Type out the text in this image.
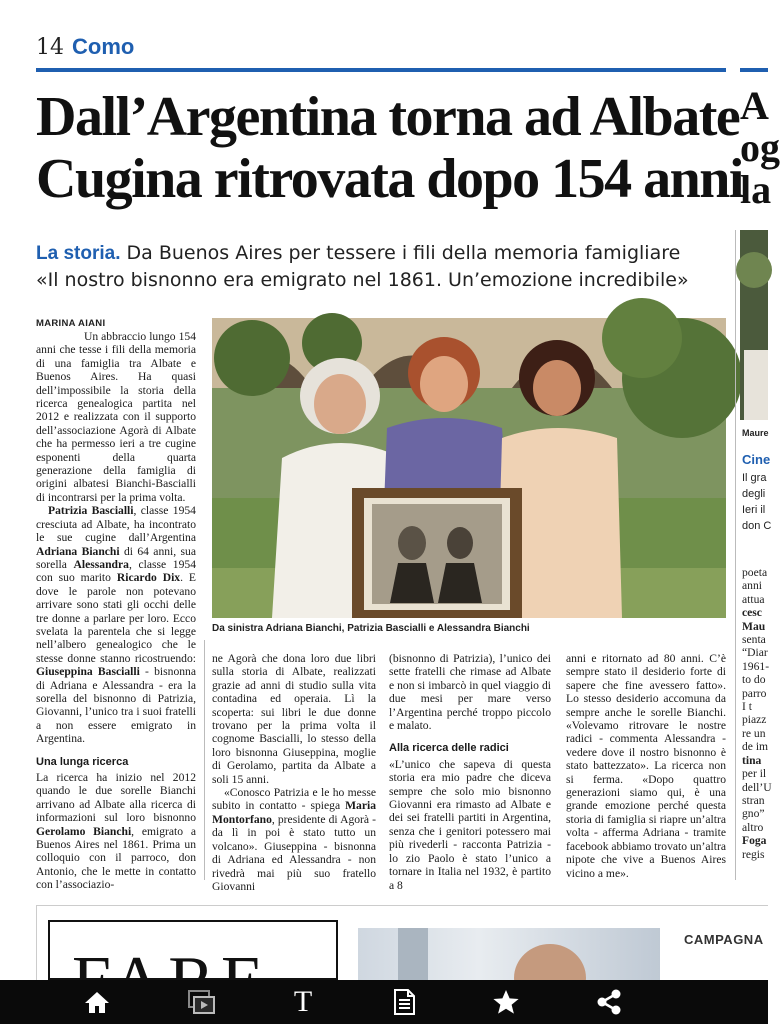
14 Como
Dall’Argentina torna ad Albate
Cugina ritrovata dopo 154 anni
A
og
la
La storia. Da Buenos Aires per tessere i fili della memoria famigliare
«Il nostro bisnonno era emigrato nel 1861. Un’emozione incredibile»
MARINA AIANI

Un abbraccio lungo 154 anni che tesse i fili della memoria di una famiglia tra Albate e Buenos Aires. Ha quasi dell’impossibile la storia della ricerca genealogica partita nel 2012 e realizzata con il supporto dell’associazione Agorà di Albate che ha permesso ieri a tre cugine esponenti della quarta generazione della famiglia di origini albatesi Bianchi-Bascialli di incontrarsi per la prima volta.

Patrizia Bascialli, classe 1954 cresciuta ad Albate, ha incontrato le sue cugine dall’Argentina Adriana Bianchi di 64 anni, sua sorella Alessandra, classe 1954 con suo marito Ricardo Dix. E dove le parole non potevano arrivare sono stati gli occhi delle tre donne a parlare per loro. Ecco svelata la parentela che si legge nell’albero genealogico che le stesse donne stanno ricostruendo: Giuseppina Bascialli - bisnonna di Adriana e Alessandra - era la sorella del bisnonno di Patrizia, Giovanni, l’unico tra i suoi fratelli a non essere emigrato in Argentina.

Una lunga ricerca

La ricerca ha inizio nel 2012 quando le due sorelle Bianchi arrivano ad Albate alla ricerca di informazioni sul loro bisnonno Gerolamo Bianchi, emigrato a Buenos Aires nel 1861. Prima un colloquio con il parroco, don Antonio, che le mette in contatto con l’associazio-

Da sinistra Adriana Bianchi, Patrizia Bascialli e Alessandra Bianchi

ne Agorà che dona loro due libri sulla storia di Albate, realizzati grazie ad anni di studio sulla vita contadina ed operaia. Lì la scoperta: sui libri le due donne trovano per la prima volta il cognome Bascialli, lo stesso della loro bisnonna Giuseppina, moglie di Gerolamo, partita da Albate a soli 15 anni.

«Conosco Patrizia e le ho messe subito in contatto - spiega Maria Montorfano, presidente di Agorà - da lì in poi è stato tutto un volcano». Giuseppina - bisnonna di Adriana ed Alessandra - non rivedrà mai più suo fratello Giovanni

(bisnonno di Patrizia), l’unico dei sette fratelli che rimase ad Albate e non si imbarcò in quel viaggio di due mesi per mare verso l’Argentina perché troppo piccolo e malato.

Alla ricerca delle radici

«L’unico che sapeva di questa storia era mio padre che diceva sempre che solo mio bisnonno Giovanni era rimasto ad Albate e dei sei fratelli partiti in Argentina, senza che i genitori potessero mai più rivederli - racconta Patrizia - lo zio Paolo è stato l’unico a tornare in Italia nel 1932, è partito a 8

anni e ritornato ad 80 anni. C’è sempre stato il desiderio forte di sapere che fine avessero fatto». Lo stesso desiderio accomuna da sempre anche le sorelle Bianchi. «Volevamo ritrovare le nostre radici - commenta Alessandra - vedere dove il nostro bisnonno è stato battezzato». La ricerca non si ferma. «Dopo quattro generazioni siamo qui, è una grande emozione perché questa storia di famiglia si riapre un’altra volta - afferma Adriana - tramite facebook abbiamo trovato un’altra nipote che vive a Buenos Aires vicino a me».

Maure
Cine
Il gra
degli
Ieri il
don C
poeta
anni
attua
cesc
Mau
senta
“Diar
1961-
to do
parro
I t
piazz
re un
de im
tina
per il
dell’U
stran
gno”
altro
Foga
regis
CAMPAGNA
T
